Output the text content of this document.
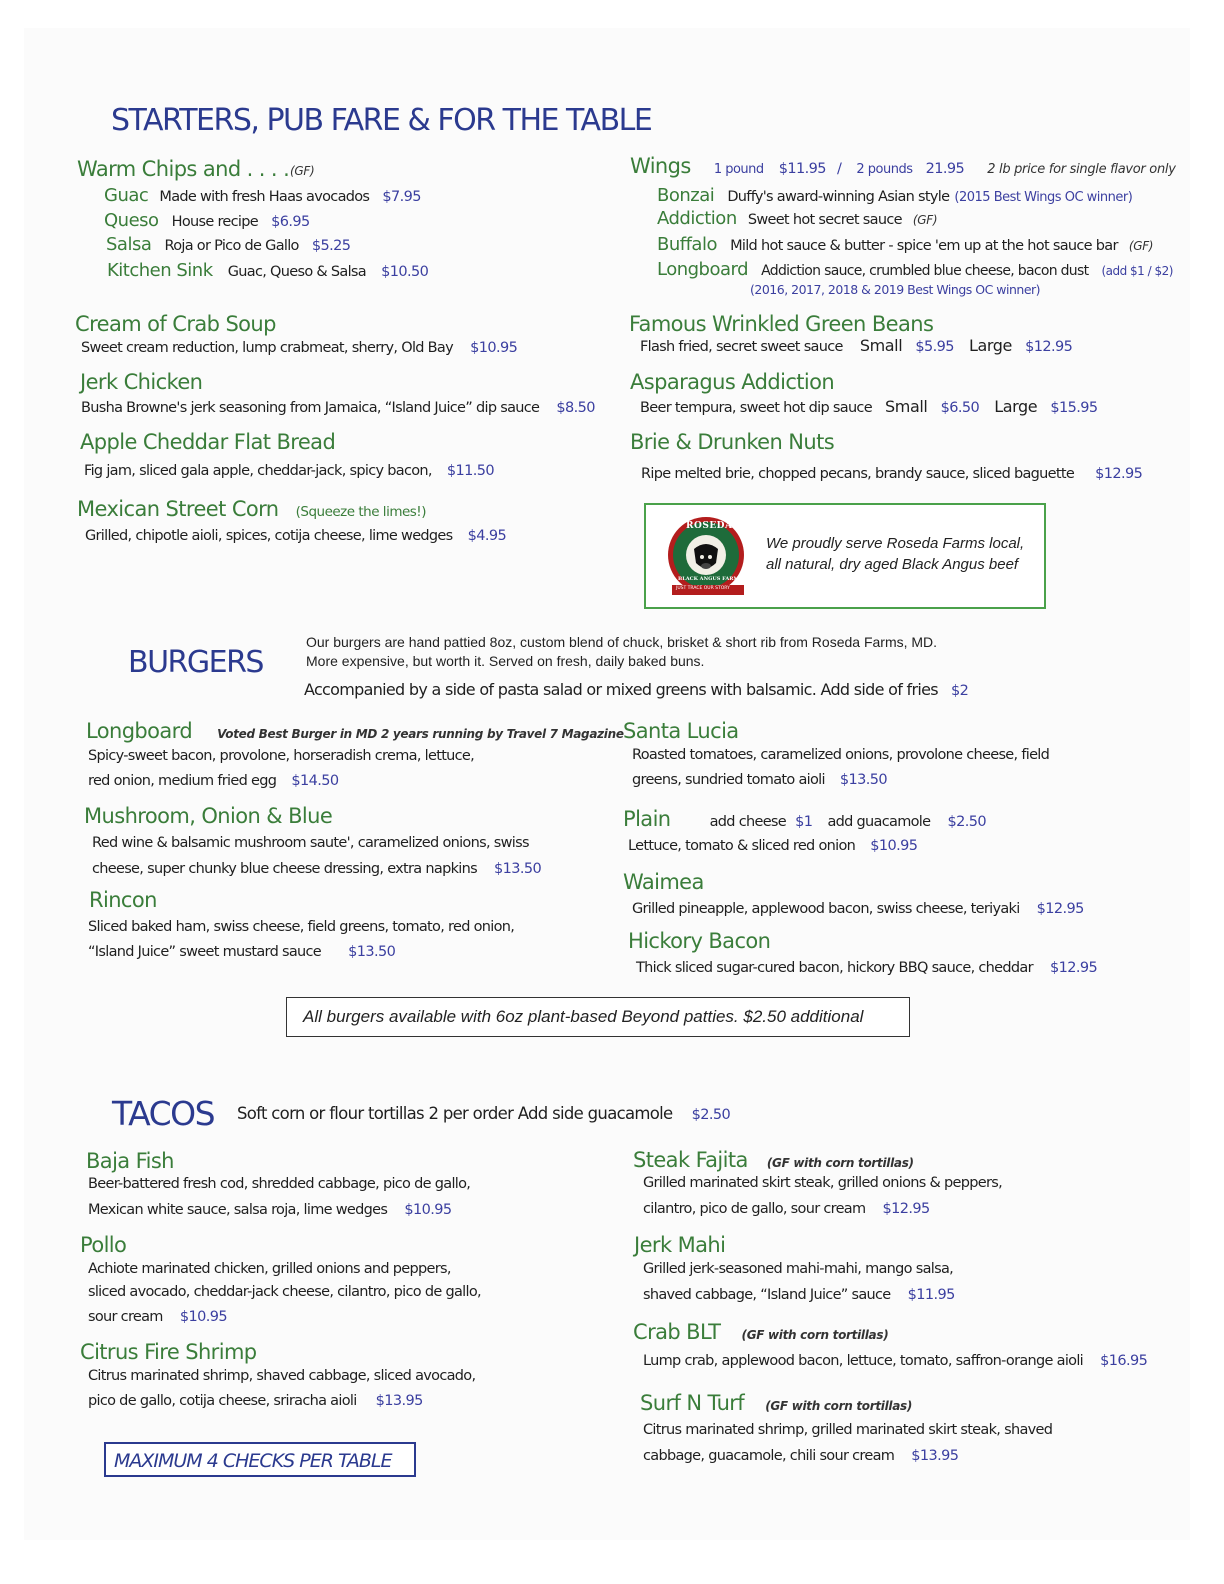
STARTERS, PUB FARE & FOR THE TABLE
Warm Chips and . . . . (GF)
Guac Made with fresh Haas avocados $7.95
Queso House recipe $6.95
Salsa Roja or Pico de Gallo $5.25
Kitchen Sink Guac, Queso & Salsa $10.50
Cream of Crab Soup
Sweet cream reduction, lump crabmeat, sherry, Old Bay $10.95
Jerk Chicken
Busha Browne's jerk seasoning from Jamaica, “Island Juice” dip sauce $8.50
Apple Cheddar Flat Bread
Fig jam, sliced gala apple, cheddar-jack, spicy bacon, $11.50
Mexican Street Corn (Squeeze the limes!)
Grilled, chipotle aioli, spices, cotija cheese, lime wedges $4.95
Wings 1 pound $11.95 / 2 pounds 21.95 2 lb price for single flavor only
Bonzai Duffy's award-winning Asian style (2015 Best Wings OC winner)
Addiction Sweet hot secret sauce (GF)
Buffalo Mild hot sauce & butter - spice 'em up at the hot sauce bar (GF)
Longboard Addiction sauce, crumbled blue cheese, bacon dust (add $1 / $2)
(2016, 2017, 2018 & 2019 Best Wings OC winner)
Famous Wrinkled Green Beans
Flash fried, secret sweet sauce Small $5.95 Large $12.95
Asparagus Addiction
Beer tempura, sweet hot dip sauce Small $6.50 Large $15.95
Brie & Drunken Nuts
Ripe melted brie, chopped pecans, brandy sauce, sliced baguette $12.95
ROSEDA
BLACK ANGUS FARM
JUST TRACE OUR STORY
We proudly serve Roseda Farms local,
all natural, dry aged Black Angus beef
BURGERS
Our burgers are hand pattied 8oz, custom blend of chuck, brisket & short rib from Roseda Farms, MD.
More expensive, but worth it. Served on fresh, daily baked buns.
Accompanied by a side of pasta salad or mixed greens with balsamic. Add side of fries $2
Longboard Voted Best Burger in MD 2 years running by Travel 7 Magazine
Spicy-sweet bacon, provolone, horseradish crema, lettuce,
red onion, medium fried egg $14.50
Mushroom, Onion & Blue
Red wine & balsamic mushroom saute', caramelized onions, swiss
cheese, super chunky blue cheese dressing, extra napkins $13.50
Rincon
Sliced baked ham, swiss cheese, field greens, tomato, red onion,
“Island Juice” sweet mustard sauce $13.50
Santa Lucia
Roasted tomatoes, caramelized onions, provolone cheese, field
greens, sundried tomato aioli $13.50
Plain	add cheese $1 add guacamole $2.50
Lettuce, tomato & sliced red onion $10.95
Waimea
Grilled pineapple, applewood bacon, swiss cheese, teriyaki $12.95
Hickory Bacon
Thick sliced sugar-cured bacon, hickory BBQ sauce, cheddar $12.95
All burgers available with 6oz plant-based Beyond patties. $2.50 additional
TACOS Soft corn or flour tortillas 2 per order Add side guacamole $2.50
Baja Fish
Beer-battered fresh cod, shredded cabbage, pico de gallo,
Mexican white sauce, salsa roja, lime wedges $10.95
Pollo
Achiote marinated chicken, grilled onions and peppers,
sliced avocado, cheddar-jack cheese, cilantro, pico de gallo,
sour cream $10.95
Citrus Fire Shrimp
Citrus marinated shrimp, shaved cabbage, sliced avocado,
pico de gallo, cotija cheese, sriracha aioli $13.95
Steak Fajita (GF with corn tortillas)
Grilled marinated skirt steak, grilled onions & peppers,
cilantro, pico de gallo, sour cream $12.95
Jerk Mahi
Grilled jerk-seasoned mahi-mahi, mango salsa,
shaved cabbage, “Island Juice” sauce $11.95
Crab BLT (GF with corn tortillas)
Lump crab, applewood bacon, lettuce, tomato, saffron-orange aioli $16.95
Surf N Turf (GF with corn tortillas)
Citrus marinated shrimp, grilled marinated skirt steak, shaved
cabbage, guacamole, chili sour cream $13.95
MAXIMUM 4 CHECKS PER TABLE
